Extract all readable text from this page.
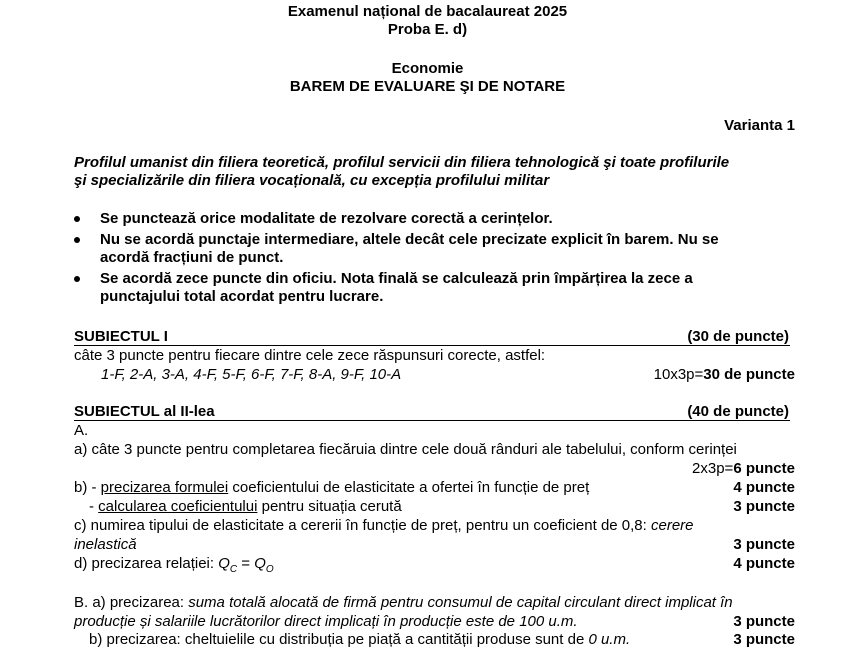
Examenul național de bacalaureat 2025
Proba E. d)
Economie
BAREM DE EVALUARE ŞI DE NOTARE
Varianta 1
Profilul umanist din filiera teoretică, profilul servicii din filiera tehnologică şi toate profilurile
şi specializările din filiera vocațională, cu excepția profilului militar
Se punctează orice modalitate de rezolvare corectă a cerințelor.
Nu se acordă punctaje intermediare, altele decât cele precizate explicit în barem. Nu se
acordă fracțiuni de punct.
Se acordă zece puncte din oficiu. Nota finală se calculează prin împărțirea la zece a
punctajului total acordat pentru lucrare.
SUBIECTUL I	(30 de puncte)
câte 3 puncte pentru fiecare dintre cele zece răspunsuri corecte, astfel:
1-F, 2-A, 3-A, 4-F, 5-F, 6-F, 7-F, 8-A, 9-F, 10-A	10x3p=30 de puncte
SUBIECTUL al II-lea	(40 de puncte)
A.
a) câte 3 puncte pentru completarea fiecăruia dintre cele două rânduri ale tabelului, conform cerinței
2x3p=6 puncte
b) - precizarea formulei coeficientului de elasticitate a ofertei în funcție de preț	4 puncte
- calcularea coeficientului pentru situația cerută	3 puncte
c) numirea tipului de elasticitate a cererii în funcție de preț, pentru un coeficient de 0,8: cerere
inelastică	3 puncte
d) precizarea relației: $Q_C = Q_O$	4 puncte
B. a) precizarea: suma totală alocată de firmă pentru consumul de capital circulant direct implicat în
producție și salariile lucrătorilor direct implicați în producție este de 100 u.m.	3 puncte
b) precizarea: cheltuielile cu distribuția pe piață a cantității produse sunt de 0 u.m.	3 puncte
